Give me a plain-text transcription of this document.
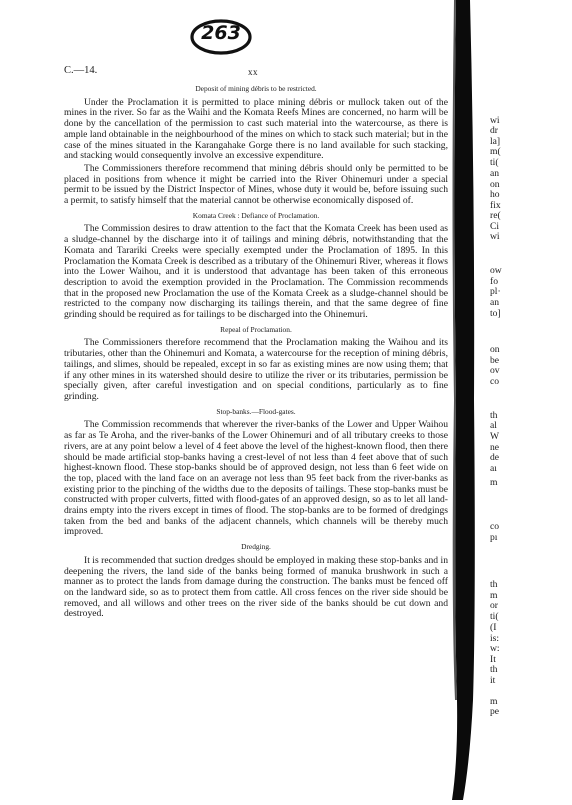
263
C.—14.	xx
Deposit of mining débris to be restricted.

Under the Proclamation it is permitted to place mining débris or mullock taken out of the mines in the river. So far as the Waihi and the Komata Reefs Mines are concerned, no harm will be done by the cancellation of the permission to cast such material into the watercourse, as there is ample land obtainable in the neighbourhood of the mines on which to stack such material; but in the case of the mines situated in the Karangahake Gorge there is no land available for such stacking, and stacking would consequently involve an excessive expenditure.

The Commissioners therefore recommend that mining débris should only be permitted to be placed in positions from whence it might be carried into the River Ohinemuri under a special permit to be issued by the District Inspector of Mines, whose duty it would be, before issuing such a permit, to satisfy himself that the material cannot be otherwise economically disposed of.

Komata Creek : Defiance of Proclamation.

The Commission desires to draw attention to the fact that the Komata Creek has been used as a sludge-channel by the discharge into it of tailings and mining débris, notwithstanding that the Komata and Tarariki Creeks were specially exempted under the Proclamation of 1895. In this Proclamation the Komata Creek is described as a tributary of the Ohinemuri River, whereas it flows into the Lower Waihou, and it is understood that advantage has been taken of this erroneous description to avoid the exemption provided in the Proclamation. The Commission recommends that in the proposed new Proclamation the use of the Komata Creek as a sludge-channel should be restricted to the company now discharging its tailings therein, and that the same degree of fine grinding should be required as for tailings to be discharged into the Ohinemuri.

Repeal of Proclamation.

The Commissioners therefore recommend that the Proclamation making the Waihou and its tributaries, other than the Ohinemuri and Komata, a watercourse for the reception of mining débris, tailings, and slimes, should be repealed, except in so far as existing mines are now using them; that if any other mines in its watershed should desire to utilize the river or its tributaries, permission be specially given, after careful investigation and on special conditions, particularly as to fine grinding.

Stop-banks.—Flood-gates.

The Commission recommends that wherever the river-banks of the Lower and Upper Waihou as far as Te Aroha, and the river-banks of the Lower Ohinemuri and of all tributary creeks to those rivers, are at any point below a level of 4 feet above the level of the highest-known flood, then there should be made artificial stop-banks having a crest-level of not less than 4 feet above that of such highest-known flood. These stop-banks should be of approved design, not less than 6 feet wide on the top, placed with the land face on an average not less than 95 feet back from the river-banks as existing prior to the pinching of the widths due to the deposits of tailings. These stop-banks must be constructed with proper culverts, fitted with flood-gates of an approved design, so as to let all land-drains empty into the rivers except in times of flood. The stop-banks are to be formed of dredgings taken from the bed and banks of the adjacent channels, which channels will be thereby much improved.

Dredging.

It is recommended that suction dredges should be employed in making these stop-banks and in deepening the rivers, the land side of the banks being formed of manuka brushwork in such a manner as to protect the lands from damage during the construction. The banks must be fenced off on the landward side, so as to protect them from cattle. All cross fences on the river side should be removed, and all willows and other trees on the river side of the banks should be cut down and destroyed.

wi
dr
la]
m(
ti(
an
on
ho
fix
re(
Ci
wi
ow
fo
pl·
an
to]
on
be
ov
co
th
al
W
ne
de
aı
m
co
pı
th
m
or
ti(
(I
is:
w:
It
th
it
m
pe
